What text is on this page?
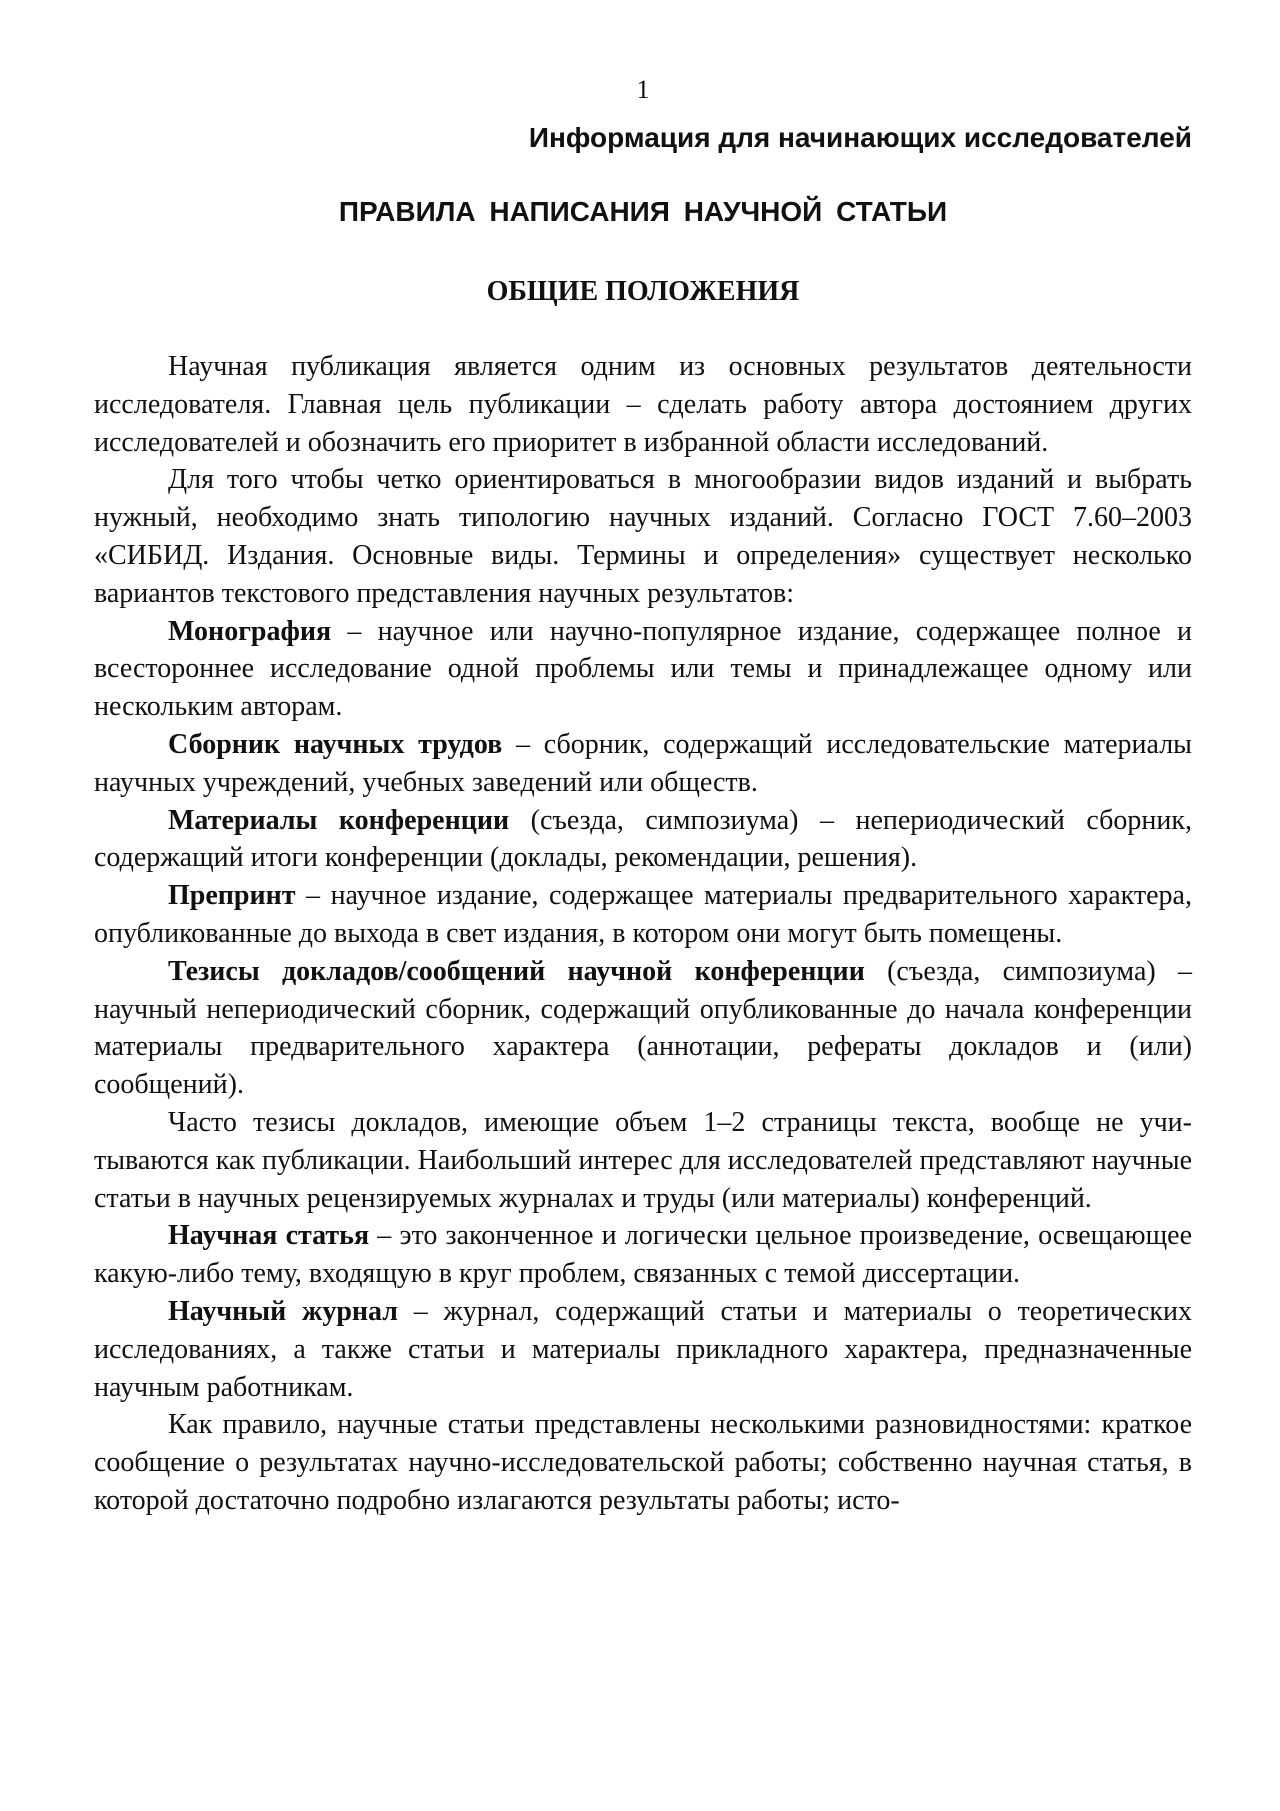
1
Информация для начинающих исследователей
ПРАВИЛА НАПИСАНИЯ НАУЧНОЙ СТАТЬИ
ОБЩИЕ ПОЛОЖЕНИЯ

Научная публикация является одним из основных результатов деятельности исследователя. Главная цель публикации – сделать работу автора достоянием других исследователей и обозначить его приоритет в избранной области исследований.

Для того чтобы четко ориентироваться в многообразии видов изданий и выбрать нужный, необходимо знать типологию научных изданий. Согласно ГОСТ 7.60–2003 «СИБИД. Издания. Основные виды. Термины и определения» существует несколько вариантов текстового представления научных результатов:

Монография – научное или научно-популярное издание, содержащее полное и всестороннее исследование одной проблемы или темы и принадлежащее одному или нескольким авторам.

Сборник научных трудов – сборник, содержащий исследовательские материалы научных учреждений, учебных заведений или обществ.

Материалы конференции (съезда, симпозиума) – непериодический сборник, содержащий итоги конференции (доклады, рекомендации, решения).

Препринт – научное издание, содержащее материалы предварительного характера, опубликованные до выхода в свет издания, в котором они могут быть помещены.

Тезисы докладов/сообщений научной конференции (съезда, симпозиума) – научный непериодический сборник, содержащий опубликованные до начала конференции материалы предварительного характера (аннотации, рефераты докладов и (или) сообщений).

Часто тезисы докладов, имеющие объем 1–2 страницы текста, вообще не учитываются как публикации. Наибольший интерес для исследователей представляют научные статьи в научных рецензируемых журналах и труды (или материалы) конференций.

Научная статья – это законченное и логически цельное произведение, освещающее какую-либо тему, входящую в круг проблем, связанных с темой диссертации.

Научный журнал – журнал, содержащий статьи и материалы о теоретических исследованиях, а также статьи и материалы прикладного характера, предназначенные научным работникам.

Как правило, научные статьи представлены несколькими разновидностями: краткое сообщение о результатах научно-исследовательской работы; собственно научная статья, в которой достаточно подробно излагаются результаты работы; исто-
